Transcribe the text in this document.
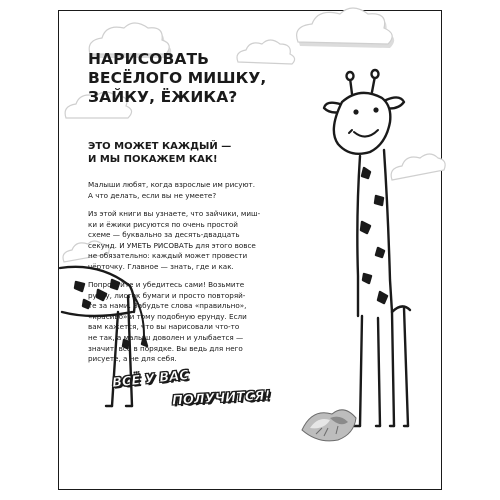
НАРИСОВАТЬ
ВЕСЁЛОГО МИШКУ,
ЗАЙКУ, ЁЖИКА?
ЭТО МОЖЕТ КАЖДЫЙ —
И МЫ ПОКАЖЕМ КАК!

Малыши любят, когда взрослые им рисуют.
А что делать, если вы не умеете?

Из этой книги вы узнаете, что зайчики, миш-
ки и ёжики рисуются по очень простой
схеме — буквально за десять-двадцать
секунд. И УМЕТЬ РИСОВАТЬ для этого вовсе
не обязательно: каждый может провести
чёрточку. Главное — знать, где и как.

Попробуйте и убедитесь сами! Возьмите
ручку, листок бумаги и просто повторяй-
те за нами. Забудьте слова «правильно»,
«красиво» и тому подобную ерунду. Если
вам кажется, что вы нарисовали что-то
не так, а малыш доволен и улыбается —
значит, всё в порядке. Вы ведь для него
рисуете, а не для себя.

ВСЁ У ВАС
ПОЛУЧИТСЯ!
